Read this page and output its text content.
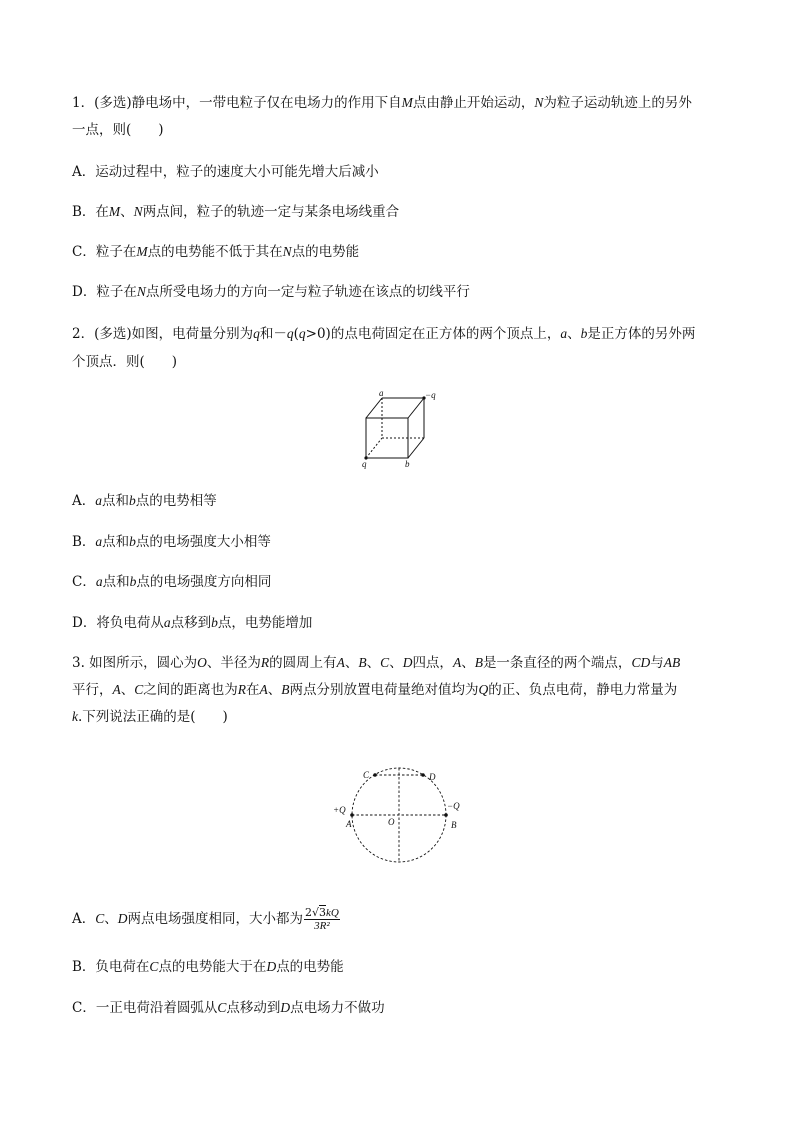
1．(多选)静电场中，一带电粒子仅在电场力的作用下自M点由静止开始运动，N为粒子运动轨迹上的另外
一点，则(　　)
A．运动过程中，粒子的速度大小可能先增大后减小
B．在M、N两点间，粒子的轨迹一定与某条电场线重合
C．粒子在M点的电势能不低于其在N点的电势能
D．粒子在N点所受电场力的方向一定与粒子轨迹在该点的切线平行
2．(多选)如图，电荷量分别为q和－q(q>0)的点电荷固定在正方体的两个顶点上，a、b是正方体的另外两
个顶点．则(　　)
a	−q
q	b
A．a点和b点的电势相等
B．a点和b点的电场强度大小相等
C．a点和b点的电场强度方向相同
D．将负电荷从a点移到b点，电势能增加
3. 如图所示，圆心为O、半径为R的圆周上有A、B、C、D四点，A、B是一条直径的两个端点，CD与AB
平行，A、C之间的距离也为R在A、B两点分别放置电荷量绝对值均为Q的正、负点电荷，静电力常量为
k.下列说法正确的是(　　)
C	D
+Q	−Q
A	O	B
A．C、D两点电场强度相同，大小都为 $\frac{2√3kQ}{\text{3R²}}$
B．负电荷在C点的电势能大于在D点的电势能
C．一正电荷沿着圆弧从C点移动到D点电场力不做功
